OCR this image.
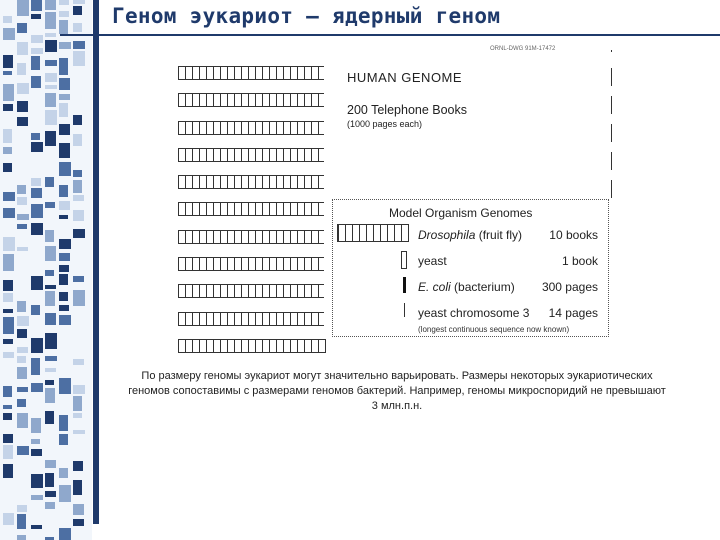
Геном эукариот – ядерный геном
ORNL-DWG 91M-17472
HUMAN GENOME
200 Telephone Books
(1000 pages each)
Model Organism Genomes
Drosophila (fruit fly)	10 books
yeast	1 book
E. coli (bacterium)	300 pages
yeast chromosome 3	14 pages
(longest continuous sequence now known)

По размеру геномы эукариот могут значительно варьировать. Размеры некоторых эукариотических геномов сопоставимы с размерами геномов бактерий. Например, геномы микроспоридий не превышают 3 млн.п.н.
